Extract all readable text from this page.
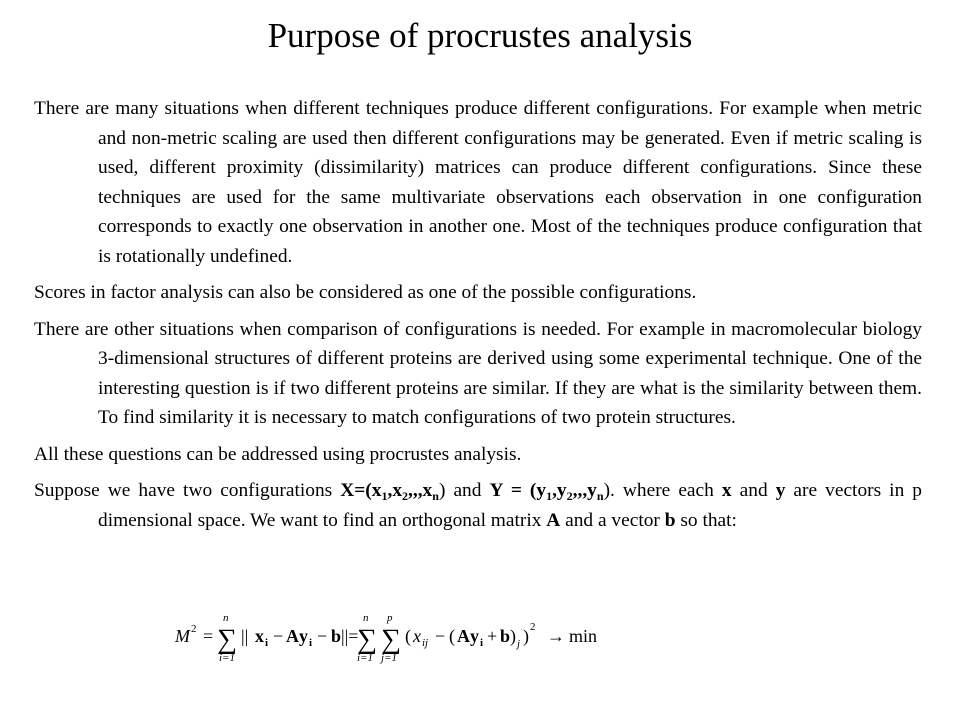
Purpose of procrustes analysis

There are many situations when different techniques produce different configurations. For example when metric and non-metric scaling are used then different configurations may be generated. Even if metric scaling is used, different proximity (dissimilarity) matrices can produce different configurations. Since these techniques are used for the same multivariate observations each observation in one configuration corresponds to exactly one observation in another one. Most of the techniques produce configuration that is rotationally undefined.

Scores in factor analysis can also be considered as one of the possible configurations.

There are other situations when comparison of configurations is needed. For example in macromolecular biology 3-dimensional structures of different proteins are derived using some experimental technique. One of the interesting question is if two different proteins are similar. If they are what is the similarity between them. To find similarity it is necessary to match configurations of two protein structures.

All these questions can be addressed using procrustes analysis.

Suppose we have two configurations $X=(x_1,x_2,,,x_n)$ and $Y = (y_1,y_2,,,y_n)$. where each x and y are vectors in p dimensional space. We want to find an orthogonal matrix A and a vector b so that:

M 2 =
n
∑
i=1
|| x i − A y i − b ||=
n
∑
i=1
p
∑
j=1
( x ij − ( A y i + b ) j ) 2 → min
